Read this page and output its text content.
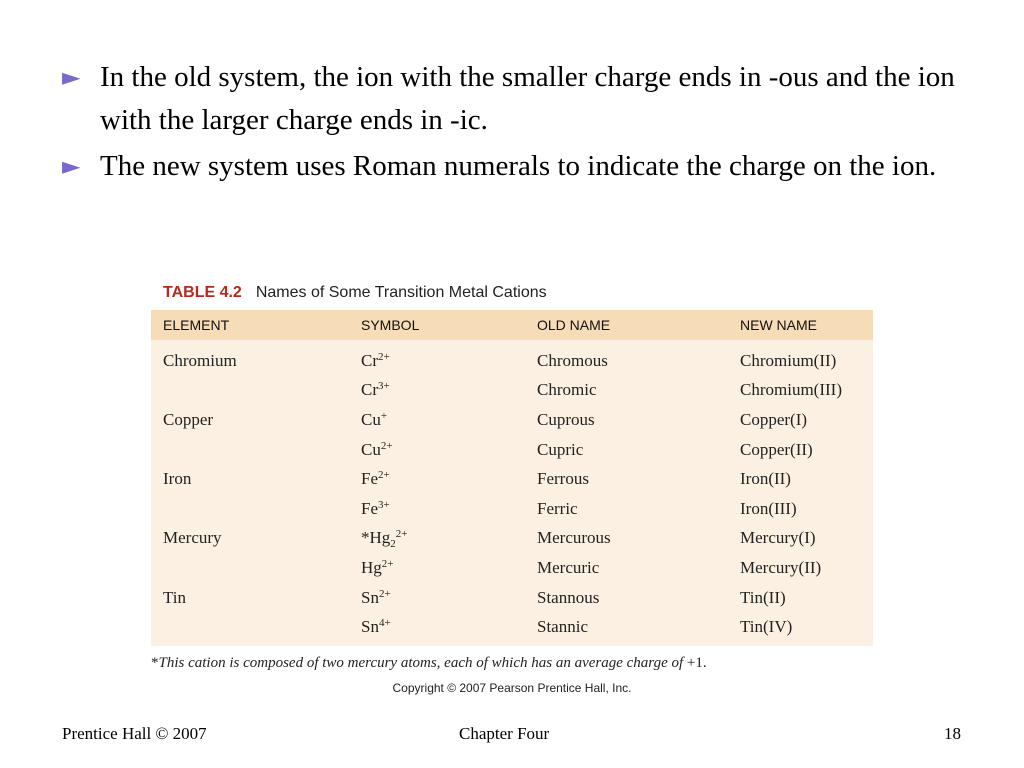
► In the old system, the ion with the smaller charge ends in -ous and the ion with the larger charge ends in -ic.
► The new system uses Roman numerals to indicate the charge on the ion.
TABLE 4.2 Names of Some Transition Metal Cations
ELEMENT	SYMBOL	OLD NAME	NEW NAME
Chromium	$Cr^{2+}$	Chromous	Chromium(II)
	$Cr^{3+}$	Chromic	Chromium(III)
Copper	Cu+	Cuprous	Copper(I)
	$Cu^{2+}$	Cupric	Copper(II)
Iron	$Fe^{2+}$	Ferrous	Iron(II)
	$Fe^{3+}$	Ferric	Iron(III)
Mercury	$*Hg_2^{2+}$	Mercurous	Mercury(I)
	$Hg^{2+}$	Mercuric	Mercury(II)
Tin	$Sn^{2+}$	Stannous	Tin(II)
	$Sn^{4+}$	Stannic	Tin(IV)
*This cation is composed of two mercury atoms, each of which has an average charge of +1.
Copyright © 2007 Pearson Prentice Hall, Inc.
Prentice Hall © 2007	Chapter Four	18
